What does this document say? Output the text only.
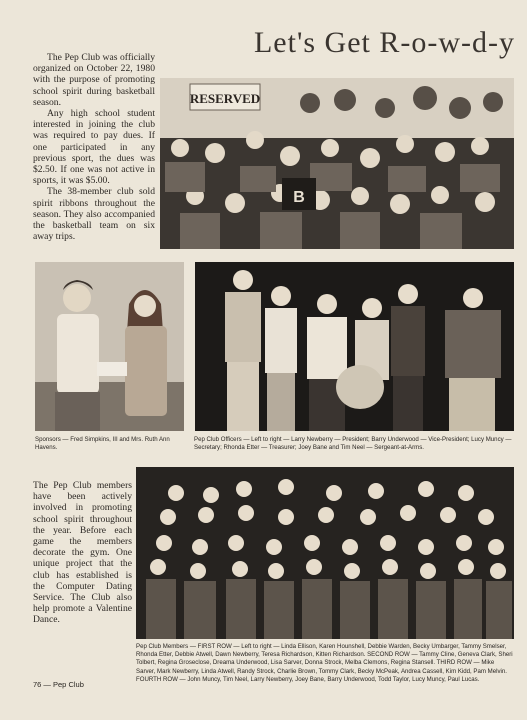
Let's Get R-o-w-d-y
The Pep Club was officially organized on October 22, 1980 with the purpose of promoting school spirit during basketball season.
Any high school student interested in joining the club was required to pay dues. If one participated in any previous sport, the dues was $2.50. If one was not active in sports, it was $5.00.
The 38-member club sold spirit ribbons throughout the season. They also accompanied the basketball team on six away trips.
RESERVED
B
Sponsors — Fred Simpkins, III and Mrs. Ruth Ann Havens.
Pep Club Officers — Left to right — Larry Newberry — President; Barry Underwood — Vice-President; Lucy Muncy — Secretary; Rhonda Etter — Treasurer; Joey Bane and Tim Neel — Sergeant-at-Arms.
The Pep Club members have been actively involved in promoting school spirit throughout the year. Before each game the members decorate the gym. One unique project that the club has established is the Computer Dating Service. The Club also help promote a Valentine Dance.
Pep Club Members — FIRST ROW — Left to right — Linda Ellison, Karen Hounshell, Debbie Warden, Becky Umbarger, Tammy Smelser, Rhonda Etter, Debbie Atwell, Dawn Newberry, Teresa Richardson, Kitten Richardson. SECOND ROW — Tammy Cline, Geneva Clark, Sheri Tolbert, Regina Groseclose, Dreama Underwood, Lisa Sarver, Donna Strock, Melba Clemons, Regina Stansell. THIRD ROW — Mike Sarver, Mark Newberry, Linda Atwell, Randy Strock, Charlie Brown, Tommy Clark, Becky McPeak, Andrea Cassell, Kim Kidd, Pam Melvin. FOURTH ROW — John Muncy, Tim Neel, Larry Newberry, Joey Bane, Barry Underwood, Todd Taylor, Lucy Muncy, Paul Lucas.
76 — Pep Club
